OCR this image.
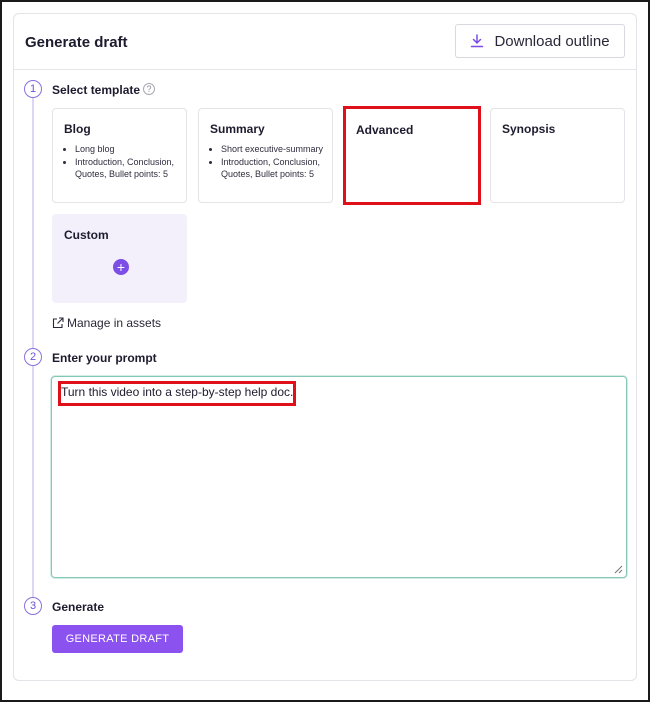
Generate draft	Download outline
1	Select template ?
Blog
• Long blog
• Introduction, Conclusion, Quotes, Bullet points: 5
Summary
• Short executive-summary
• Introduction, Conclusion, Quotes, Bullet points: 5
Advanced	Synopsis
Custom
+
Manage in assets
2	Enter your prompt
Turn this video into a step-by-step help doc.
3	Generate
GENERATE DRAFT
